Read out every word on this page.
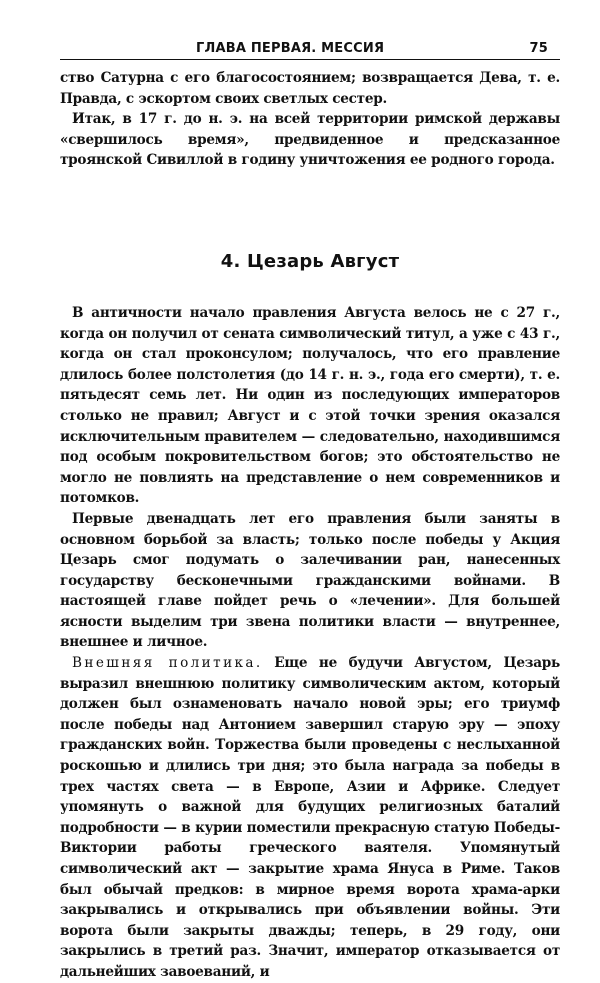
ГЛАВА ПЕРВАЯ. МЕССИЯ	75

ство Сатурна с его благосостоянием; возвращается Дева, т. е. Правда, с эскортом своих светлых сестер.

Итак, в 17 г. до н. э. на всей территории римской державы «свершилось время», предвиденное и предсказанное троянской Сивиллой в годину уничтожения ее родного города.

4. Цезарь Август

В античности начало правления Августа велось не с 27 г., когда он получил от сената символический титул, а уже с 43 г., когда он стал проконсулом; получалось, что его правление длилось более полстолетия (до 14 г. н. э., года его смерти), т. е. пятьдесят семь лет. Ни один из последующих императоров столько не правил; Август и с этой точки зрения оказался исключительным правителем — следовательно, находившимся под особым покровительством богов; это обстоятельство не могло не повлиять на представление о нем современников и потомков.

Первые двенадцать лет его правления были заняты в основном борьбой за власть; только после победы у Акция Цезарь смог подумать о залечивании ран, нанесенных государству бесконечными гражданскими войнами. В настоящей главе пойдет речь о «лечении». Для большей ясности выделим три звена политики власти — внутреннее, внешнее и личное.

Внешняя политика. Еще не будучи Августом, Цезарь выразил внешнюю политику символическим актом, который должен был ознаменовать начало новой эры; его триумф после победы над Антонием завершил старую эру — эпоху гражданских войн. Торжества были проведены с неслыханной роскошью и длились три дня; это была награда за победы в трех частях света — в Европе, Азии и Африке. Следует упомянуть о важной для будущих религиозных баталий подробности — в курии поместили прекрасную статую Победы-Виктории работы греческого ваятеля. Упомянутый символический акт — закрытие храма Януса в Риме. Таков был обычай предков: в мирное время ворота храма-арки закрывались и открывались при объявлении войны. Эти ворота были закрыты дважды; теперь, в 29 году, они закрылись в третий раз. Значит, император отказывается от дальнейших завоеваний, и
